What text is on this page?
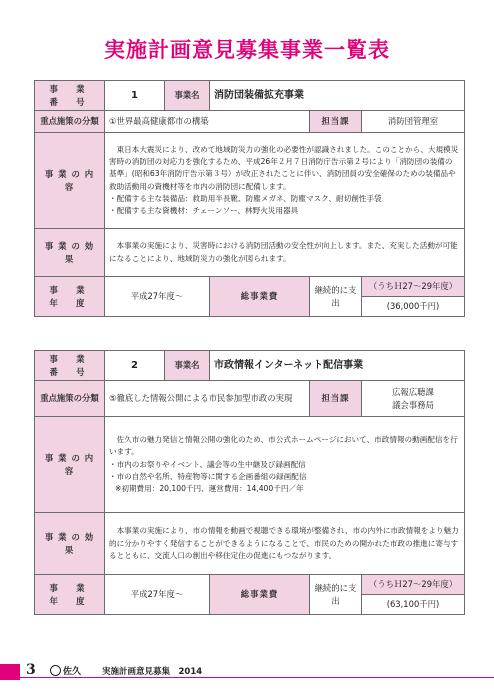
実施計画意見募集事業一覧表
事　業　番　号	1	事業名	消防団装備拡充事業		
重点施策の分類	①世界最高健康都市の構築			担当課	消防団管理室

事 業 の 内 容	東日本大震災により、改めて地域防災力の強化の必要性が認識されました。このことから、大規模災害時の消防団の対応力を強化するため、平成26年２月７日消防庁告示第２号により「消防団の装備の基準」(昭和63年消防庁告示第３号）が改正されたことに伴い、消防団員の安全確保のための装備品や救助活動用の資機材等を市内の消防団に配備します。

・配備する主な装備品：救助用半長靴、防塵メガネ、防塵マスク、耐切創性手袋

・配備する主な資機材：チェーンソー、林野火災用器具				

事 業 の 効 果	本事業の実施により、災害時における消防団活動の安全性が向上します。また、充実した活動が可能になることにより、地域防災力の強化が図られます。				

事　業　年　度	平成27年度～		総事業費	継続的に支出	（うちＨ27～29年度）
					(36,000千円)
事　業　番　号	2	事業名	市政情報インターネット配信事業		
重点施策の分類	⑤徹底した情報公開による市民参加型市政の実現			担当課	広報広聴課
議会事務局

事 業 の 内 容	佐久市の魅力発信と情報公開の強化のため、市公式ホームページにおいて、市政情報の動画配信を行います。

・市内のお祭りやイベント、議会等の生中継及び録画配信

・市の自然や名所、特産物等に関する企画番組の録画配信

※初期費用：20,100千円、運営費用：14,400千円／年				

事 業 の 効 果	本事業の実施により、市の情報を動画で視聴できる環境が整備され、市の内外に市政情報をより魅力的に分かりやすく発信することができるようになることで、市民のための開かれた市政の推進に寄与するとともに、交流人口の創出や移住定住の促進にもつながります。				

事　業　年　度	平成27年度～		総事業費	継続的に支出	（うちＨ27～29年度）
					(63,100千円)
3	佐久 実施計画意見募集　2014
